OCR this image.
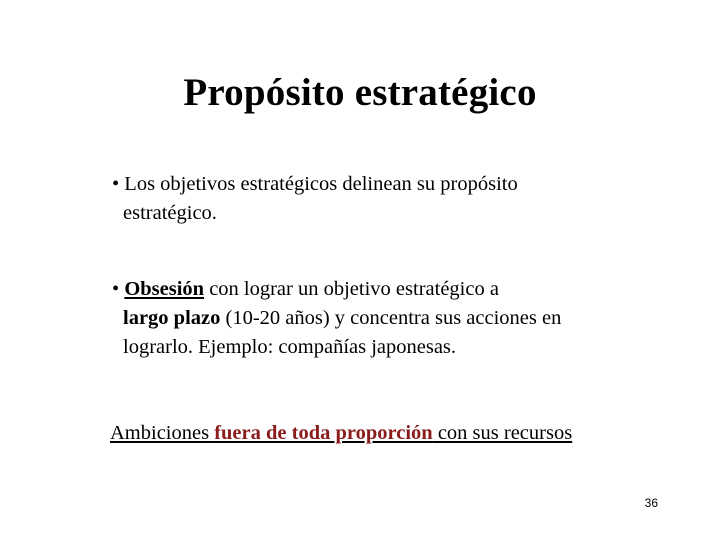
Propósito estratégico
• Los objetivos estratégicos delinean su propósito
estratégico.
• Obsesión con lograr un objetivo estratégico a
largo plazo (10-20 años) y concentra sus acciones en
lograrlo. Ejemplo: compañías japonesas.
Ambiciones fuera de toda proporción con sus recursos
36
